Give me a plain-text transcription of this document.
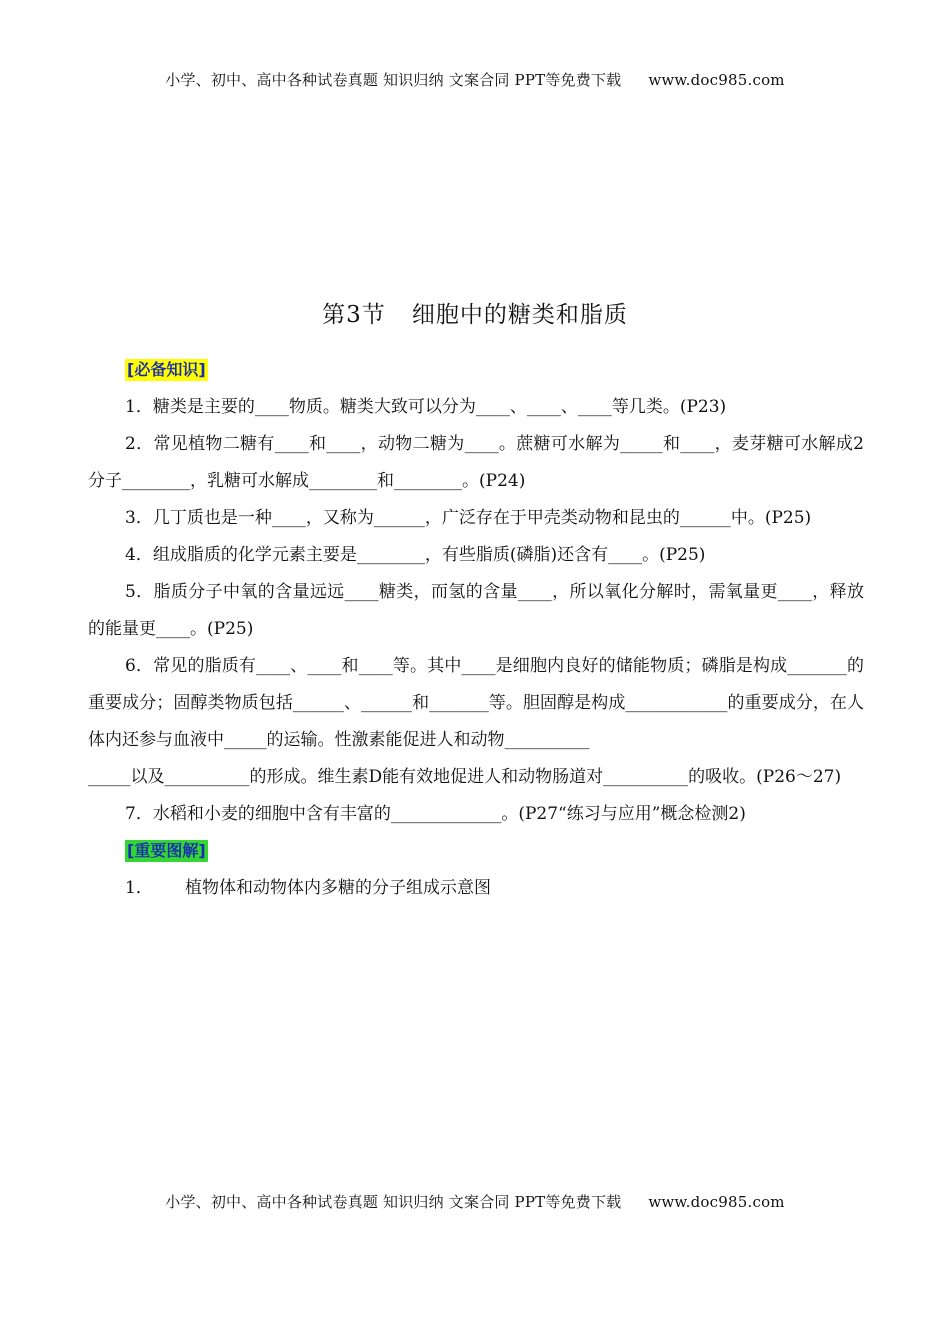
小学、初中、高中各种试卷真题 知识归纳 文案合同 PPT等免费下载 www.doc985.com
第3节 细胞中的糖类和脂质
[必备知识]

1．糖类是主要的____物质。糖类大致可以分为____、____、____等几类。(P23)

2．常见植物二糖有____和____，动物二糖为____。蔗糖可水解为_____和____，麦芽糖可水解成2分子________，乳糖可水解成________和________。(P24)

3．几丁质也是一种____，又称为______，广泛存在于甲壳类动物和昆虫的______中。(P25)

4．组成脂质的化学元素主要是________，有些脂质(磷脂)还含有____。(P25)

5．脂质分子中氧的含量远远____糖类，而氢的含量____，所以氧化分解时，需氧量更____，释放的能量更____。(P25)

6．常见的脂质有____、____和____等。其中____是细胞内良好的储能物质；磷脂是构成_______的重要成分；固醇类物质包括______、______和_______等。胆固醇是构成____________的重要成分，在人体内还参与血液中_____的运输。性激素能促进人和动物__________

_____以及__________的形成。维生素D能有效地促进人和动物肠道对__________的吸收。(P26～27)

7．水稻和小麦的细胞中含有丰富的_____________。(P27“练习与应用”概念检测2)

[重要图解]
1． 植物体和动物体内多糖的分子组成示意图
小学、初中、高中各种试卷真题 知识归纳 文案合同 PPT等免费下载 www.doc985.com
